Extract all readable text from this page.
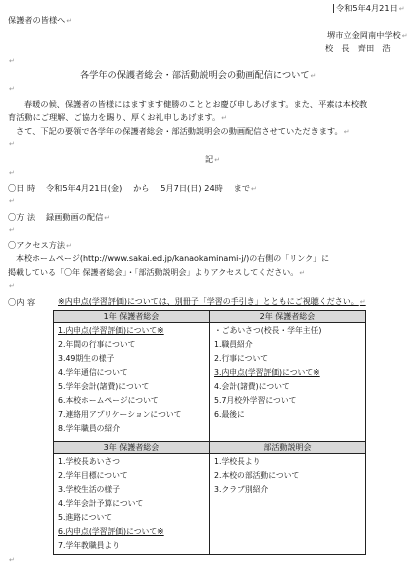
令和5年4月21日↵
保護者の皆様へ↵
堺市立金岡南中学校↵
校　長　齊田　浩
↵
各学年の保護者総会・部活動説明会の動画配信について↵
↵
春暖の候、保護者の皆様にはますます健勝のこととお慶び申しあげます。また、平素は本校教
育活動にご理解、ご協力を賜り、厚くお礼申しあげます。↵
さて、下記の要領で各学年の保護者総会・部活動説明会の動画配信させていただきます。↵
↵
記↵
↵
〇日 時　 令和5年4月21日(金)　 から　 5月7日(日) 24時　 まで↵
↵
〇方 法　 録画動画の配信↵
↵
〇アクセス方法↵
本校ホームページ(http://www.sakai.ed.jp/kanaokaminami-j/)の右側の「リンク」に
掲載している「〇年 保護者総会」・「部活動説明会」よりアクセスしてください。↵
↵
〇内 容	※内申点(学習評価)については、別冊子「学習の手引き」とともにご視聴ください。↵
1年 保護者総会
1.内申点(学習評価)について※
2.年間の行事について
3.49期生の様子
4.学年通信について
5.学年会計(諸費)について
6.本校ホームページについて
7.連絡用アプリケーションについて
8.学年職員の紹介
2年 保護者総会
・ごあいさつ(校長・学年主任)
1.職員紹介
2.行事について
3.内申点(学習評価)について※
4.会計(諸費)について
5.7月校外学習について
6.最後に
3年 保護者総会
1.学校長あいさつ
2.学年目標について
3.学校生活の様子
4.学年会計予算について
5.進路について
6.内申点(学習評価)について※
7.学年教職員より
部活動説明会
1.学校長より
2.本校の部活動について
3.クラブ別紹介
↵
